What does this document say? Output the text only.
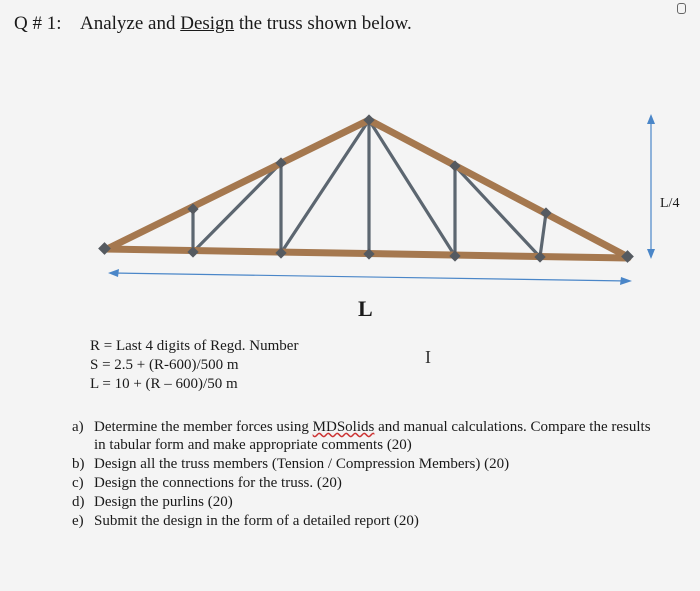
Q # 1: Analyze and Design the truss shown below.
L/4
L
I
R = Last 4 digits of Regd. Number
S = 2.5 + (R-600)/500 m
L = 10 + (R – 600)/50 m
a) Determine the member forces using MDSolids and manual calculations. Compare the results in tabular form and make appropriate comments (20)
b) Design all the truss members (Tension / Compression Members) (20)
c) Design the connections for the truss. (20)
d) Design the purlins (20)
e) Submit the design in the form of a detailed report (20)
